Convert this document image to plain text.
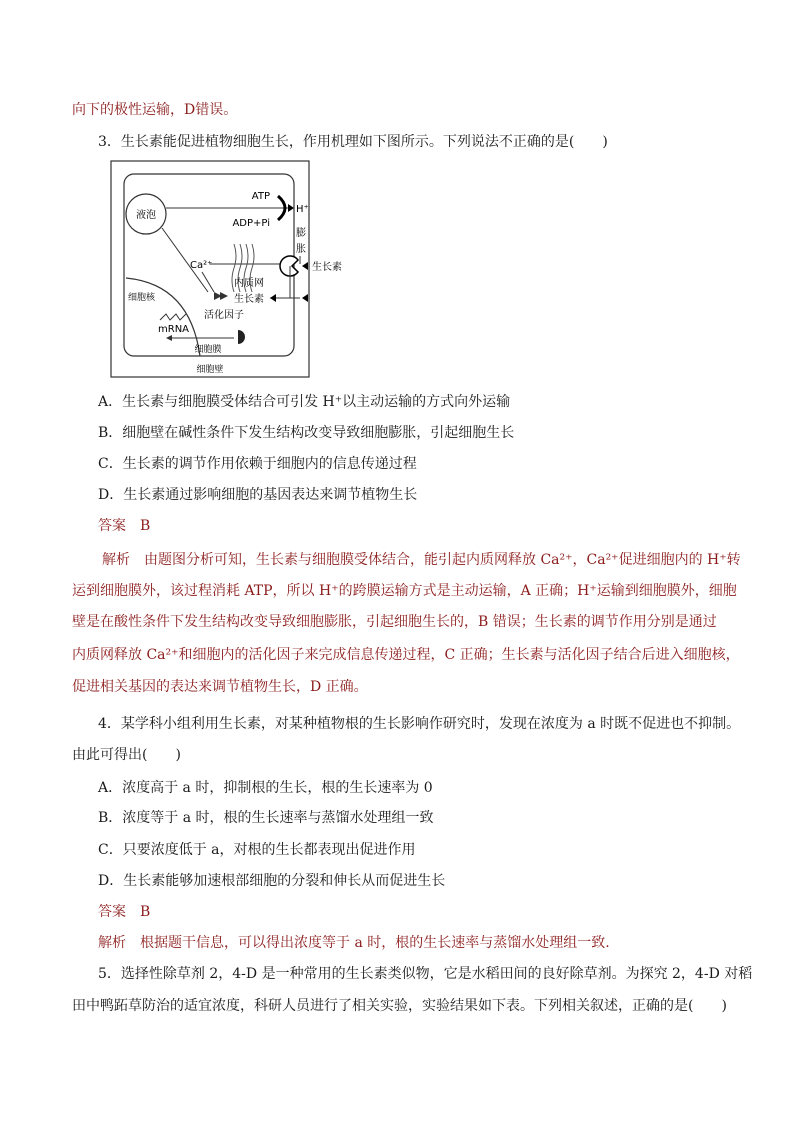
向下的极性运输，D错误。
3．生长素能促进植物细胞生长，作用机理如下图所示。下列说法不正确的是(　　)
液泡
ATP
ADP+Pi
H⁺
膨
胀
Ca²⁺
内质网
生长素
生长素
细胞核
mRNA
活化因子
细胞膜
细胞壁
A．生长素与细胞膜受体结合可引发 H⁺以主动运输的方式向外运输
B．细胞壁在碱性条件下发生结构改变导致细胞膨胀，引起细胞生长
C．生长素的调节作用依赖于细胞内的信息传递过程
D．生长素通过影响细胞的基因表达来调节植物生长
答案　B
解析　由题图分析可知，生长素与细胞膜受体结合，能引起内质网释放 Ca²⁺，Ca²⁺促进细胞内的 H⁺转
运到细胞膜外，该过程消耗 ATP，所以 H⁺的跨膜运输方式是主动运输，A 正确；H⁺运输到细胞膜外，细胞
壁是在酸性条件下发生结构改变导致细胞膨胀，引起细胞生长的，B 错误；生长素的调节作用分别是通过
内质网释放 Ca²⁺和细胞内的活化因子来完成信息传递过程，C 正确；生长素与活化因子结合后进入细胞核，
促进相关基因的表达来调节植物生长，D 正确。
4．某学科小组利用生长素，对某种植物根的生长影响作研究时，发现在浓度为 a 时既不促进也不抑制。
由此可得出(　　)
A．浓度高于 a 时，抑制根的生长，根的生长速率为 0
B．浓度等于 a 时，根的生长速率与蒸馏水处理组一致
C．只要浓度低于 a，对根的生长都表现出促进作用
D．生长素能够加速根部细胞的分裂和伸长从而促进生长
答案　B
解析　根据题干信息，可以得出浓度等于 a 时，根的生长速率与蒸馏水处理组一致.
5．选择性除草剂 2，4-D 是一种常用的生长素类似物，它是水稻田间的良好除草剂。为探究 2，4-D 对稻
田中鸭跖草防治的适宜浓度，科研人员进行了相关实验，实验结果如下表。下列相关叙述，正确的是(　　)
